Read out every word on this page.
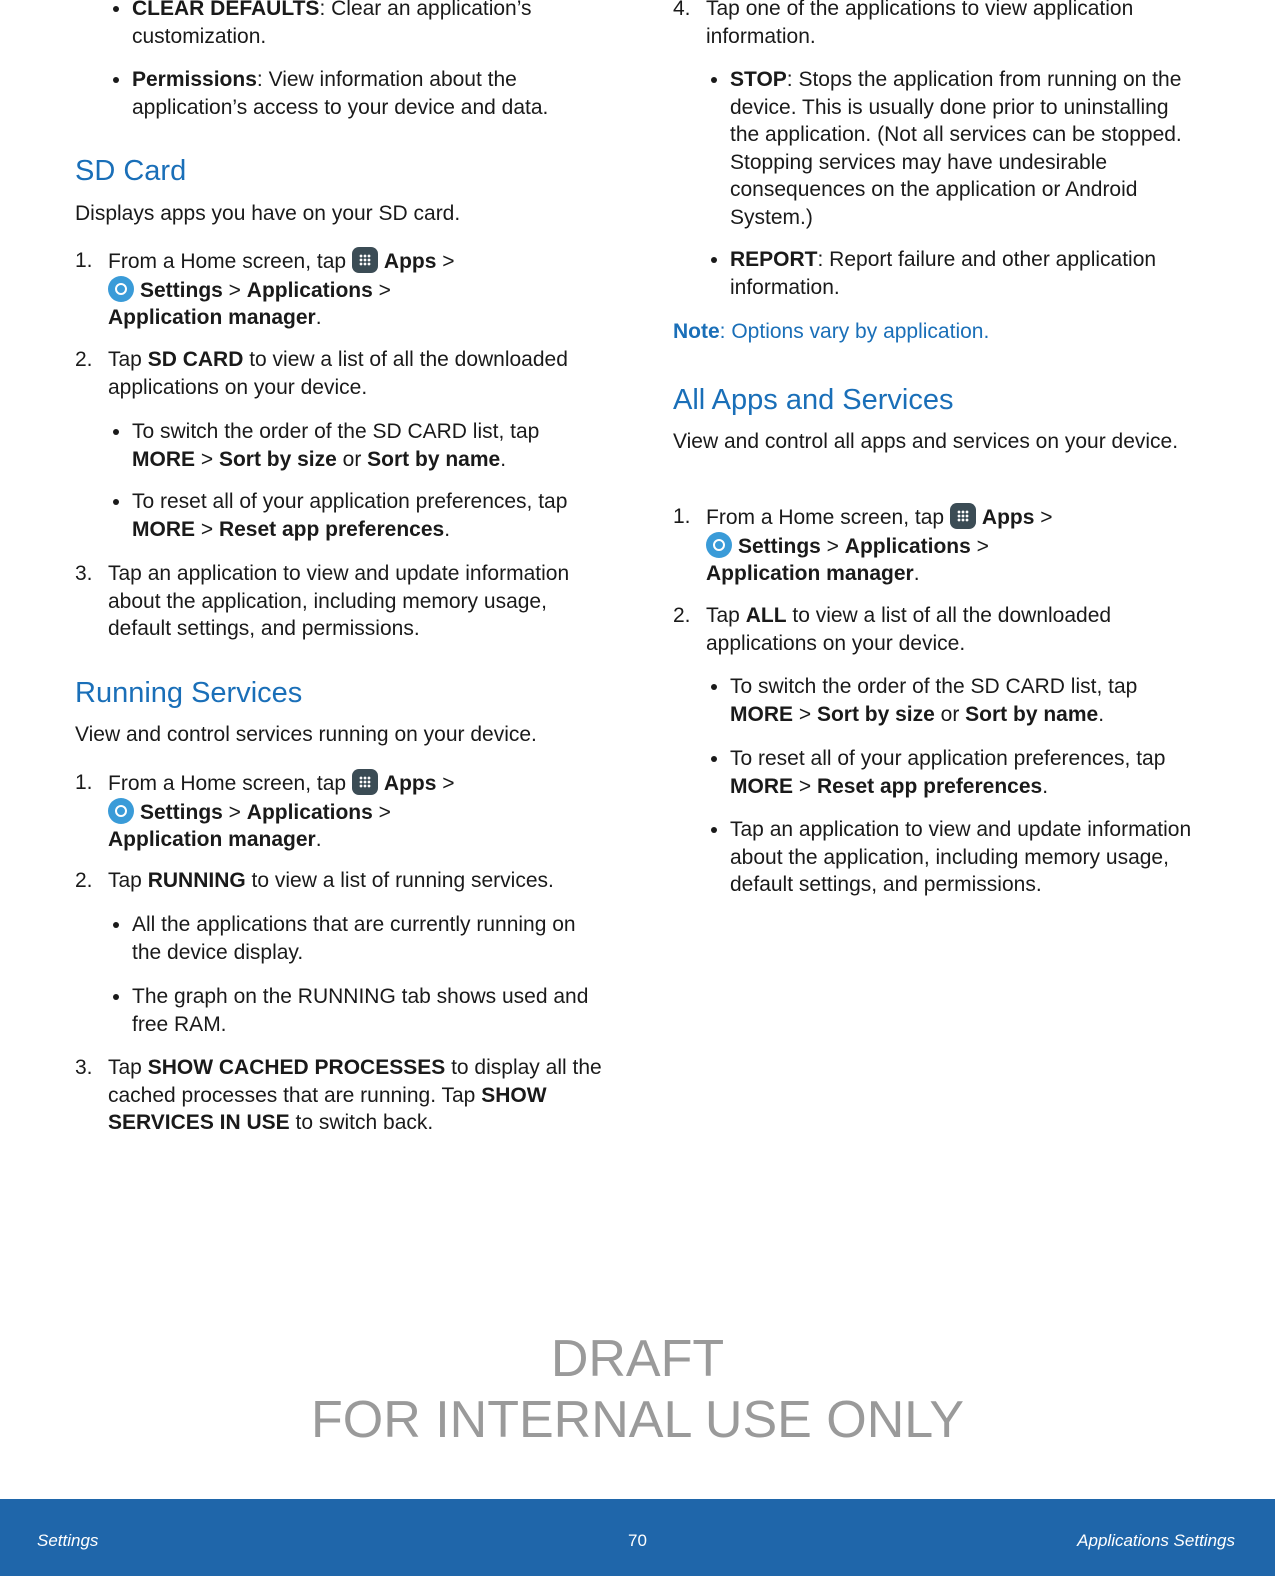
CLEAR DEFAULTS: Clear an application’s customization.
Permissions: View information about the application’s access to your device and data.
SD Card

Displays apps you have on your SD card.

1. From a Home screen, tap Apps >
Settings > Applications >
Application manager.
2. Tap SD CARD to view a list of all the downloaded applications on your device.
To switch the order of the SD CARD list, tap MORE > Sort by size or Sort by name.
To reset all of your application preferences, tap MORE > Reset app preferences.
3. Tap an application to view and update information about the application, including memory usage, default settings, and permissions.
Running Services

View and control services running on your device.

1. From a Home screen, tap Apps >
Settings > Applications >
Application manager.
2. Tap RUNNING to view a list of running services.
All the applications that are currently running on the device display.
The graph on the RUNNING tab shows used and free RAM.
3. Tap SHOW CACHED PROCESSES to display all the cached processes that are running. Tap SHOW SERVICES IN USE to switch back.
4. Tap one of the applications to view application information.
STOP: Stops the application from running on the device. This is usually done prior to uninstalling the application. (Not all services can be stopped. Stopping services may have undesirable consequences on the application or Android System.)
REPORT: Report failure and other application information.

Note: Options vary by application.

All Apps and Services

View and control all apps and services on your device.

1. From a Home screen, tap Apps >
Settings > Applications >
Application manager.
2. Tap ALL to view a list of all the downloaded applications on your device.
To switch the order of the SD CARD list, tap MORE > Sort by size or Sort by name.
To reset all of your application preferences, tap MORE > Reset app preferences.
Tap an application to view and update information about the application, including memory usage, default settings, and permissions.
DRAFT
FOR INTERNAL USE ONLY
Settings	70	Applications Settings
